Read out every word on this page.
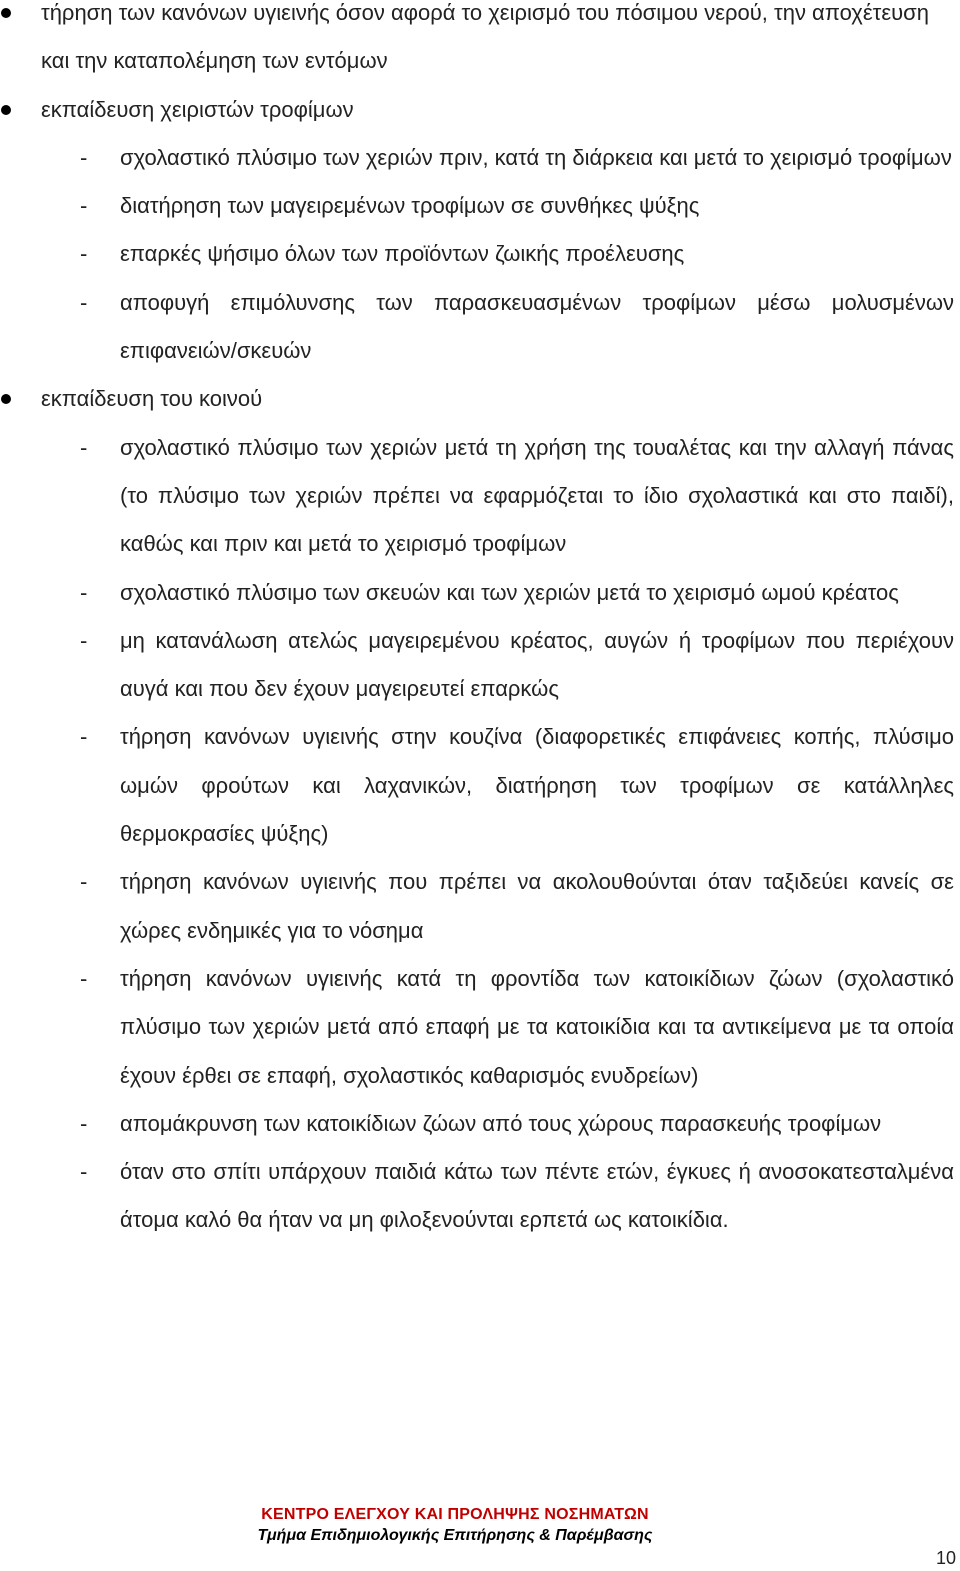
τήρηση των κανόνων υγιεινής όσον αφορά το χειρισμό του πόσιμου νερού, την αποχέτευση και την καταπολέμηση των εντόμων
εκπαίδευση χειριστών τροφίμων
- σχολαστικό πλύσιμο των χεριών πριν, κατά τη διάρκεια και μετά το χειρισμό τροφίμων
- διατήρηση των μαγειρεμένων τροφίμων σε συνθήκες ψύξης
- επαρκές ψήσιμο όλων των προϊόντων ζωικής προέλευσης
- αποφυγή επιμόλυνσης των παρασκευασμένων τροφίμων μέσω μολυσμένων επιφανειών/σκευών
εκπαίδευση του κοινού
- σχολαστικό πλύσιμο των χεριών μετά τη χρήση της τουαλέτας και την αλλαγή πάνας (το πλύσιμο των χεριών πρέπει να εφαρμόζεται το ίδιο σχολαστικά και στο παιδί), καθώς και πριν και μετά το χειρισμό τροφίμων
- σχολαστικό πλύσιμο των σκευών και των χεριών μετά το χειρισμό ωμού κρέατος
- μη κατανάλωση ατελώς μαγειρεμένου κρέατος, αυγών ή τροφίμων που περιέχουν αυγά και που δεν έχουν μαγειρευτεί επαρκώς
- τήρηση κανόνων υγιεινής στην κουζίνα (διαφορετικές επιφάνειες κοπής, πλύσιμο ωμών φρούτων και λαχανικών, διατήρηση των τροφίμων σε κατάλληλες θερμοκρασίες ψύξης)
- τήρηση κανόνων υγιεινής που πρέπει να ακολουθούνται όταν ταξιδεύει κανείς σε χώρες ενδημικές για το νόσημα
- τήρηση κανόνων υγιεινής κατά τη φροντίδα των κατοικίδιων ζώων (σχολαστικό πλύσιμο των χεριών μετά από επαφή με τα κατοικίδια και τα αντικείμενα με τα οποία έχουν έρθει σε επαφή, σχολαστικός καθαρισμός ενυδρείων)
- απομάκρυνση των κατοικίδιων ζώων από τους χώρους παρασκευής τροφίμων
- όταν στο σπίτι υπάρχουν παιδιά κάτω των πέντε ετών, έγκυες ή ανοσοκατεσταλμένα άτομα καλό θα ήταν να μη φιλοξενούνται ερπετά ως κατοικίδια.
ΚΕΝΤΡΟ ΕΛΕΓΧΟΥ ΚΑΙ ΠΡΟΛΗΨΗΣ ΝΟΣΗΜΑΤΩΝ
Τμήμα Επιδημιολογικής Επιτήρησης & Παρέμβασης
10
